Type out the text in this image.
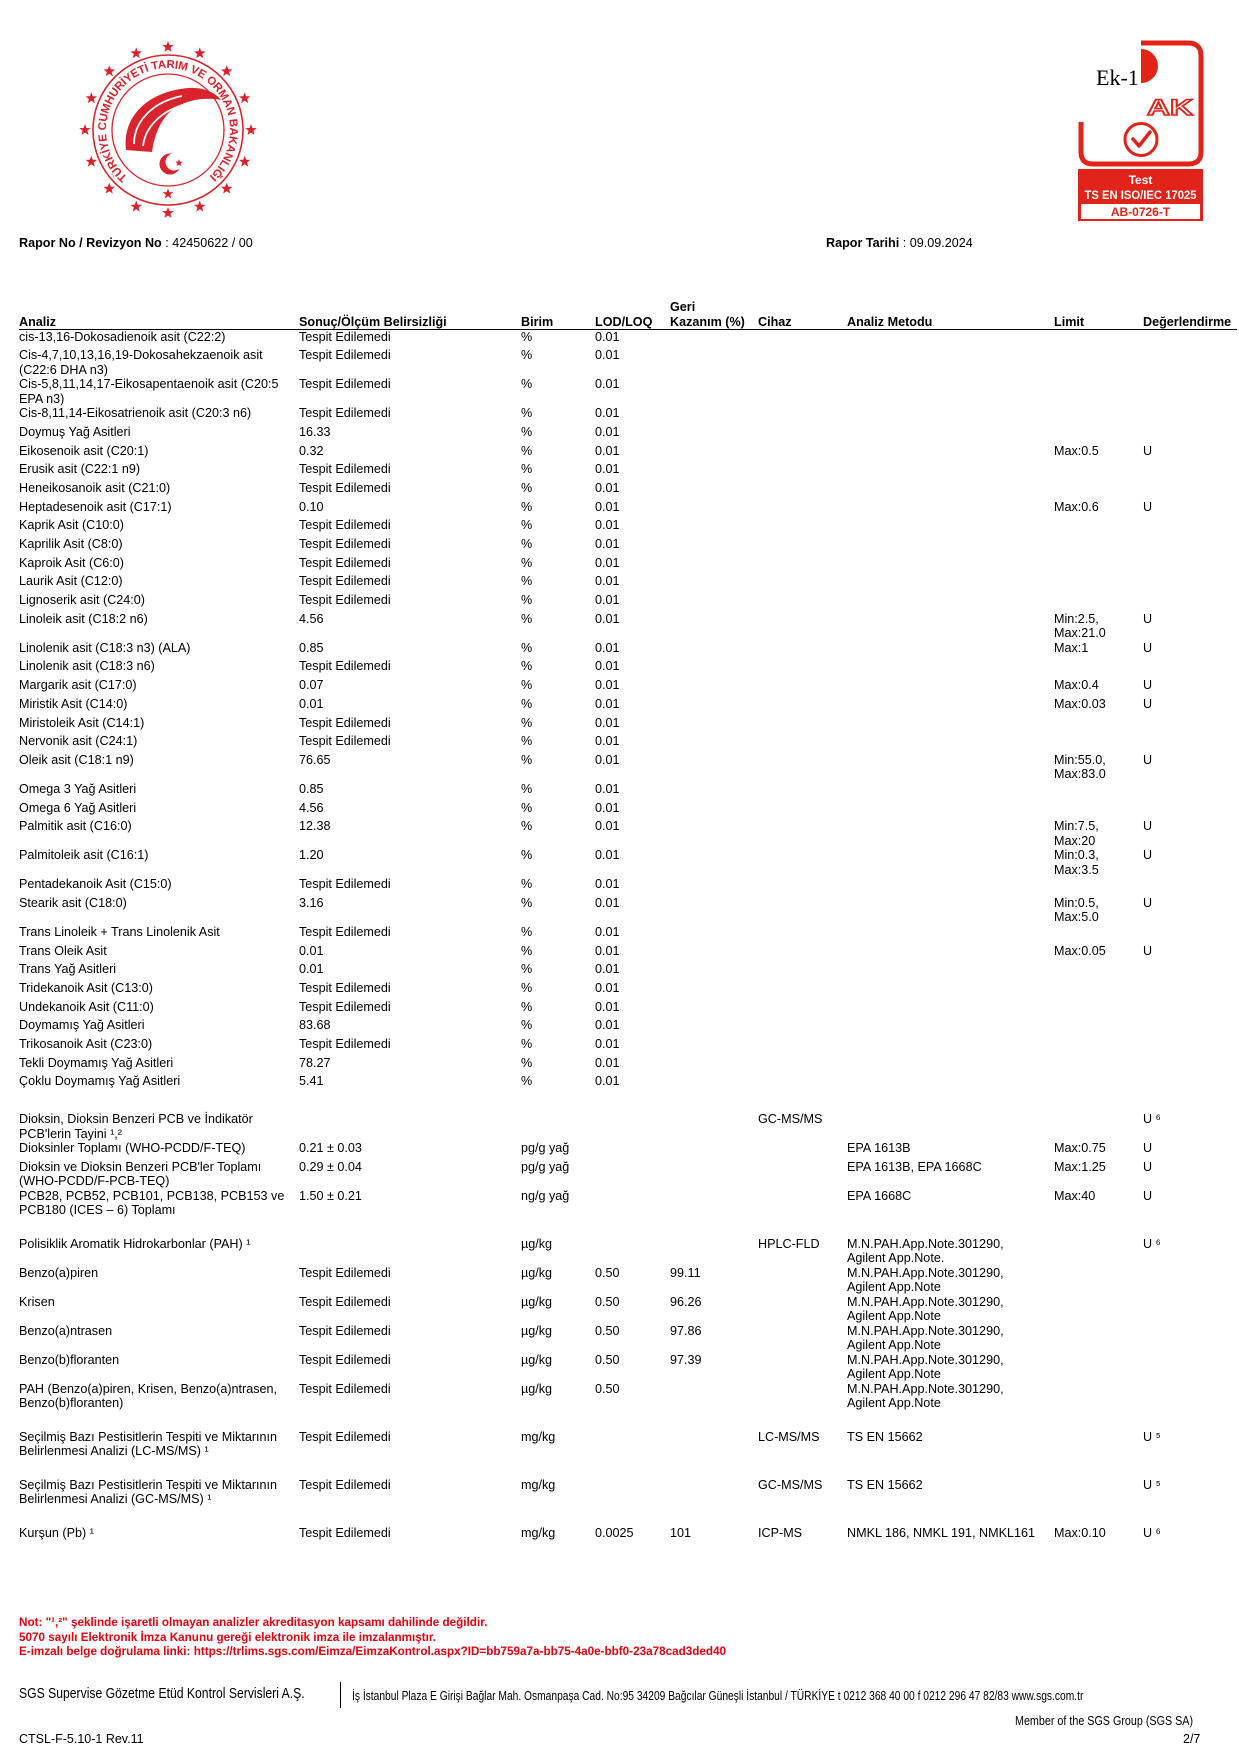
TÜRKİYE CUMHURİYETİ TARIM VE ORMAN BAKANLIĞI
Ek-1
AK
Test
TS EN ISO/IEC 17025
AB-0726-T
Rapor No / Revizyon No : 42450622 / 00	Rapor Tarihi : 09.09.2024
Analiz	Sonuç/Ölçüm Belirsizliği	Birim	LOD/LOQ	Geri
Kazanım (%)	Cihaz	Analiz Metodu	Limit	Değerlendirme
cis-13,16-Dokosadienoik asit (C22:2)	Tespit Edilemedi	%	0.01					
Cis-4,7,10,13,16,19-Dokosahekzaenoik asit
(C22:6 DHA n3)	Tespit Edilemedi	%	0.01					
Cis-5,8,11,14,17-Eikosapentaenoik asit (C20:5
EPA n3)	Tespit Edilemedi	%	0.01					
Cis-8,11,14-Eikosatrienoik asit (C20:3 n6)	Tespit Edilemedi	%	0.01					
Doymuş Yağ Asitleri	16.33	%	0.01					
Eikosenoik asit (C20:1)	0.32	%	0.01				Max:0.5	U
Erusik asit (C22:1 n9)	Tespit Edilemedi	%	0.01					
Heneikosanoik asit (C21:0)	Tespit Edilemedi	%	0.01					
Heptadesenoik asit (C17:1)	0.10	%	0.01				Max:0.6	U
Kaprik Asit (C10:0)	Tespit Edilemedi	%	0.01					
Kaprilik Asit (C8:0)	Tespit Edilemedi	%	0.01					
Kaproik Asit (C6:0)	Tespit Edilemedi	%	0.01					
Laurik Asit (C12:0)	Tespit Edilemedi	%	0.01					
Lignoserik asit (C24:0)	Tespit Edilemedi	%	0.01					
Linoleik asit (C18:2 n6)	4.56	%	0.01				Min:2.5,
Max:21.0	U
Linolenik asit (C18:3 n3) (ALA)	0.85	%	0.01				Max:1	U
Linolenik asit (C18:3 n6)	Tespit Edilemedi	%	0.01					
Margarik asit (C17:0)	0.07	%	0.01				Max:0.4	U
Miristik Asit (C14:0)	0.01	%	0.01				Max:0.03	U
Miristoleik Asit (C14:1)	Tespit Edilemedi	%	0.01					
Nervonik asit (C24:1)	Tespit Edilemedi	%	0.01					
Oleik asit (C18:1 n9)	76.65	%	0.01				Min:55.0,
Max:83.0	U
Omega 3 Yağ Asitleri	0.85	%	0.01					
Omega 6 Yağ Asitleri	4.56	%	0.01					
Palmitik asit (C16:0)	12.38	%	0.01				Min:7.5,
Max:20	U
Palmitoleik asit (C16:1)	1.20	%	0.01				Min:0.3,
Max:3.5	U
Pentadekanoik Asit (C15:0)	Tespit Edilemedi	%	0.01					
Stearik asit (C18:0)	3.16	%	0.01				Min:0.5,
Max:5.0	U
Trans Linoleik + Trans Linolenik Asit	Tespit Edilemedi	%	0.01					
Trans Oleik Asit	0.01	%	0.01				Max:0.05	U
Trans Yağ Asitleri	0.01	%	0.01					
Tridekanoik Asit (C13:0)	Tespit Edilemedi	%	0.01					
Undekanoik Asit (C11:0)	Tespit Edilemedi	%	0.01					
Doymamış Yağ Asitleri	83.68	%	0.01					
Trikosanoik Asit (C23:0)	Tespit Edilemedi	%	0.01					
Tekli Doymamış Yağ Asitleri	78.27	%	0.01					
Çoklu Doymamış Yağ Asitleri	5.41	%	0.01					

Dioksin, Dioksin Benzeri PCB ve İndikatör
PCB'lerin Tayini ¹,²					GC-MS/MS			U ⁶
Dioksinler Toplamı (WHO-PCDD/F-TEQ)	0.21 ± 0.03	pg/g yağ				EPA 1613B	Max:0.75	U
Dioksin ve Dioksin Benzeri PCB'ler Toplamı
(WHO-PCDD/F-PCB-TEQ)	0.29 ± 0.04	pg/g yağ				EPA 1613B, EPA 1668C	Max:1.25	U
PCB28, PCB52, PCB101, PCB138, PCB153 ve
PCB180 (ICES – 6) Toplamı	1.50 ± 0.21	ng/g yağ				EPA 1668C	Max:40	U

Polisiklik Aromatik Hidrokarbonlar (PAH) ¹		µg/kg			HPLC-FLD	M.N.PAH.App.Note.301290,
Agilent App.Note.		U ⁶
Benzo(a)piren	Tespit Edilemedi	µg/kg	0.50	99.11		M.N.PAH.App.Note.301290,
Agilent App.Note		
Krisen	Tespit Edilemedi	µg/kg	0.50	96.26		M.N.PAH.App.Note.301290,
Agilent App.Note		
Benzo(a)ntrasen	Tespit Edilemedi	µg/kg	0.50	97.86		M.N.PAH.App.Note.301290,
Agilent App.Note		
Benzo(b)floranten	Tespit Edilemedi	µg/kg	0.50	97.39		M.N.PAH.App.Note.301290,
Agilent App.Note		
PAH (Benzo(a)piren, Krisen, Benzo(a)ntrasen,
Benzo(b)floranten)	Tespit Edilemedi	µg/kg	0.50			M.N.PAH.App.Note.301290,
Agilent App.Note		

Seçilmiş Bazı Pestisitlerin Tespiti ve Miktarının
Belirlenmesi Analizi (LC-MS/MS) ¹	Tespit Edilemedi	mg/kg			LC-MS/MS	TS EN 15662		U ⁵

Seçilmiş Bazı Pestisitlerin Tespiti ve Miktarının
Belirlenmesi Analizi (GC-MS/MS) ¹	Tespit Edilemedi	mg/kg			GC-MS/MS	TS EN 15662		U ⁵

Kurşun (Pb) ¹	Tespit Edilemedi	mg/kg	0.0025	101	ICP-MS	NMKL 186, NMKL 191, NMKL161	Max:0.10	U ⁶
Not: "¹,²" şeklinde işaretli olmayan analizler akreditasyon kapsamı dahilinde değildir.
5070 sayılı Elektronik İmza Kanunu gereği elektronik imza ile imzalanmıştır.
E-imzalı belge doğrulama linki: https://trlims.sgs.com/Eimza/EimzaKontrol.aspx?ID=bb759a7a-bb75-4a0e-bbf0-23a78cad3ded40
SGS Supervise Gözetme Etüd Kontrol Servisleri A.Ş.	İş İstanbul Plaza E Girişi Bağlar Mah. Osmanpaşa Cad. No:95 34209 Bağcılar Güneşli İstanbul / TÜRKİYE t 0212 368 40 00 f 0212 296 47 82/83 www.sgs.com.tr
Member of the SGS Group (SGS SA)
CTSL-F-5.10-1 Rev.11	2/7
